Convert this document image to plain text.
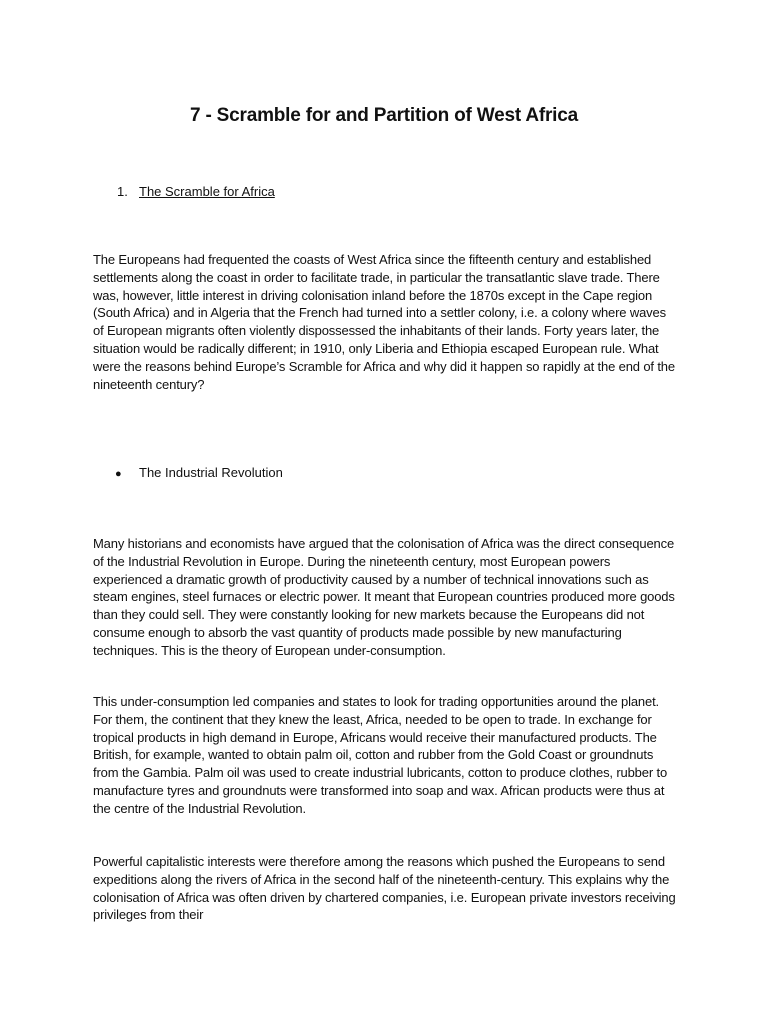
7 - Scramble for and Partition of West Africa
1. The Scramble for Africa

The Europeans had frequented the coasts of West Africa since the fifteenth century and established settlements along the coast in order to facilitate trade, in particular the transatlantic slave trade. There was, however, little interest in driving colonisation inland before the 1870s except in the Cape region (South Africa) and in Algeria that the French had turned into a settler colony, i.e. a colony where waves of European migrants often violently dispossessed the inhabitants of their lands. Forty years later, the situation would be radically different; in 1910, only Liberia and Ethiopia escaped European rule. What were the reasons behind Europe’s Scramble for Africa and why did it happen so rapidly at the end of the nineteenth century?

● The Industrial Revolution

Many historians and economists have argued that the colonisation of Africa was the direct consequence of the Industrial Revolution in Europe. During the nineteenth century, most European powers experienced a dramatic growth of productivity caused by a number of technical innovations such as steam engines, steel furnaces or electric power. It meant that European countries produced more goods than they could sell. They were constantly looking for new markets because the Europeans did not consume enough to absorb the vast quantity of products made possible by new manufacturing techniques. This is the theory of European under-consumption.

This under-consumption led companies and states to look for trading opportunities around the planet. For them, the continent that they knew the least, Africa, needed to be open to trade. In exchange for tropical products in high demand in Europe, Africans would receive their manufactured products. The British, for example, wanted to obtain palm oil, cotton and rubber from the Gold Coast or groundnuts from the Gambia. Palm oil was used to create industrial lubricants, cotton to produce clothes, rubber to manufacture tyres and groundnuts were transformed into soap and wax. African products were thus at the centre of the Industrial Revolution.

Powerful capitalistic interests were therefore among the reasons which pushed the Europeans to send expeditions along the rivers of Africa in the second half of the nineteenth-century. This explains why the colonisation of Africa was often driven by chartered companies, i.e. European private investors receiving privileges from their
